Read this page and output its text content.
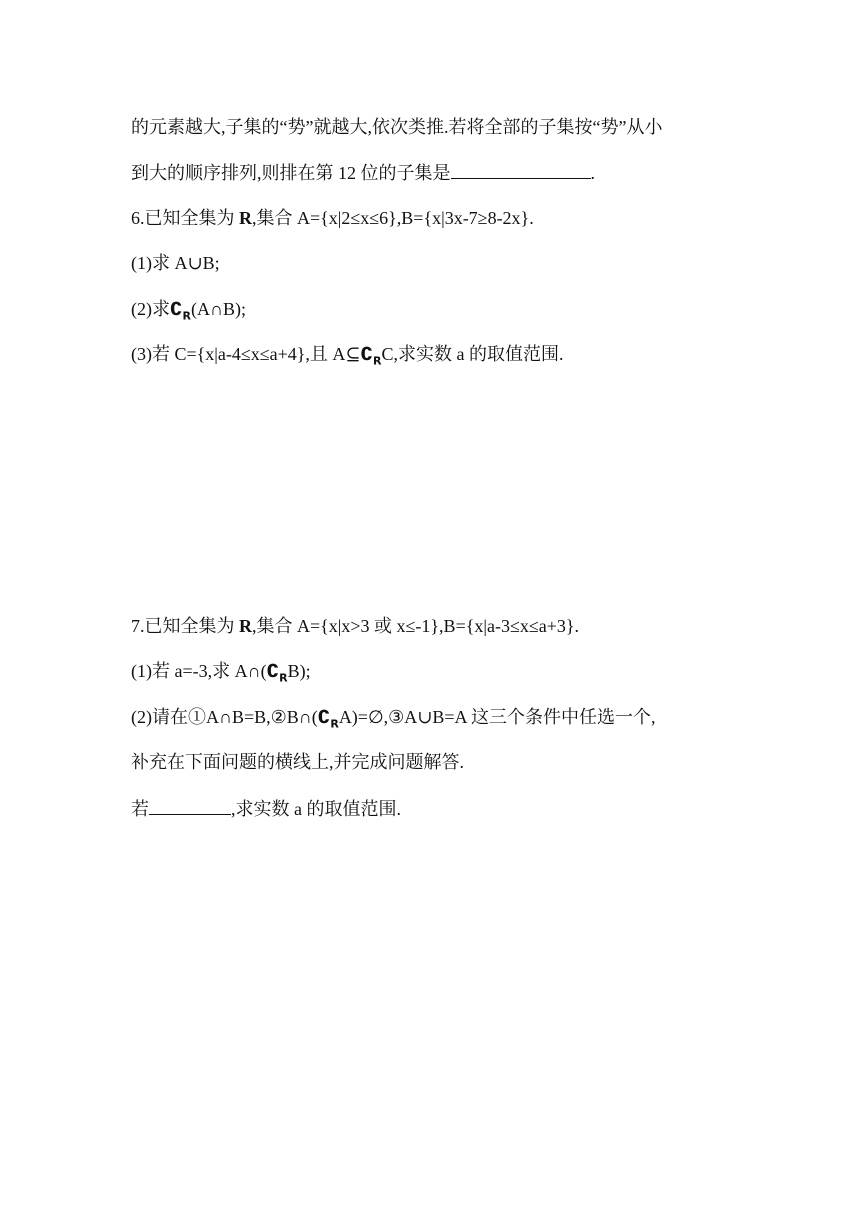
的元素越大,子集的“势”就越大,依次类推.若将全部的子集按“势”从小
到大的顺序排列,则排在第 12 位的子集是	.
6.已知全集为 R,集合 A={x|2≤x≤6},B={x|3x-7≥8-2x}.
(1)求 A∪B;
(2)求$∁_R(A\cap B)$;
(3)若 C={x|a-4≤x≤a+4},且 $A⊆∁_RC$,求实数 a 的取值范围.
7.已知全集为 R,集合 A={x|x>3 或 x≤-1},B={x|a-3≤x≤a+3}.
(1)若 a=-3,求 $A\cap(∁_RB)$;
(2)请在$①A\cap B=B,②B\cap(∁_RA)=\emptyset,③A\cup B=A$ 这三个条件中任选一个,
补充在下面问题的横线上,并完成问题解答.
若	,求实数 a 的取值范围.
